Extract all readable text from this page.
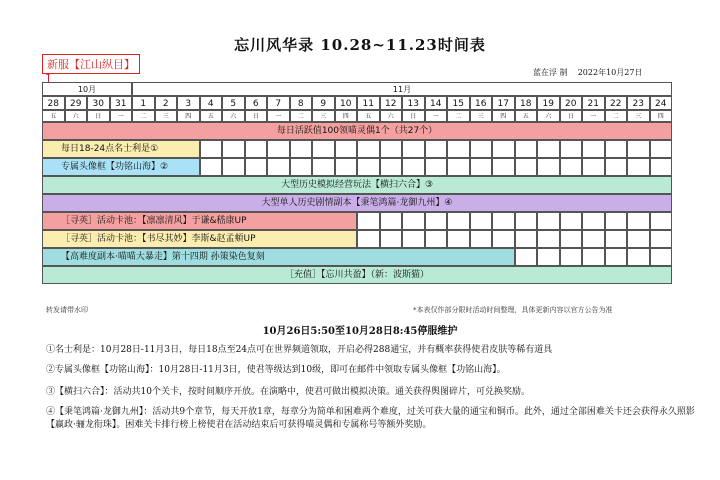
忘川风华录 10.28~11.23时间表
新服【江山纵目】
蓝在浮 制 2022年10月27日
10月	11月
28
五
29
六
30
日
31
一
1
二
2
三
3
四
4
五
5
六
6
日
7
一
8
二
9
三
10
四
11
五
12
六
13
日
14
一
15
二
16
三
17
四
18
五
19
六
20
日
21
一
22
二
23
三
24
四
每日活跃值100领喵灵偶1个（共27个）
每日18-24点名士利是①
专属头像框【功铭山海】②
大型历史模拟经营玩法【横扫六合】③
大型单人历史剧情副本【秉笔鸿篇·龙御九州】④
［寻英］活动卡池：【凛凛清风】于谦&嵇康UP
［寻英］活动卡池：【书尽其妙】李斯&赵孟頫UP
【高难度副本·喵喵大暴走】第十四期 孙策染色复刻
［充值］【忘川共盈】（新：波斯猫）
转发请带水印	*本表仅作部分限时活动时间整理，具体更新内容以官方公告为准
10月26日5:50至10月28日8:45停服维护
①名士利是：10月28日-11月3日，每日18点至24点可在世界频道领取，开启必得288通宝，并有概率获得使君皮肤等稀有道具
②专属头像框【功铭山海】：10月28日-11月3日，使君等级达到10级，即可在邮件中领取专属头像框【功铭山海】。
③【横扫六合】：活动共10个关卡，按时间顺序开放。在演略中，使君可做出模拟决策。通关获得舆图碎片，可兑换奖励。
④【秉笔鸿篇·龙御九州】：活动共9个章节，每天开放1章，每章分为简单和困难两个难度，过关可获大量的通宝和铜币。此外，通过全部困难关卡还会获得永久照影【赢政·骊龙衔珠】。困难关卡排行榜上榜使君在活动结束后可获得喵灵偶和专属称号等额外奖励。
